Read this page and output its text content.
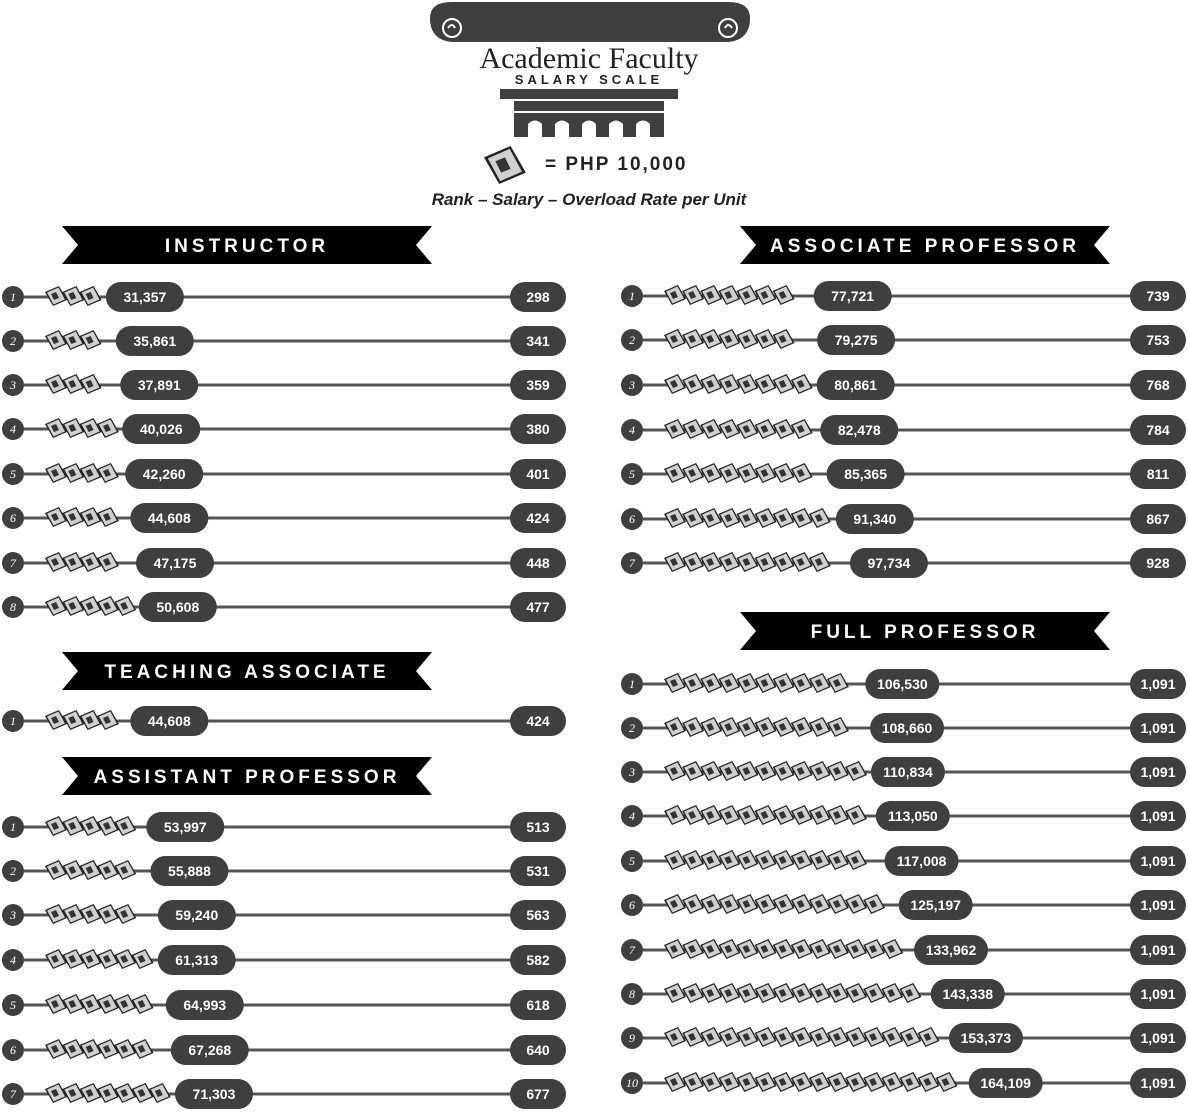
Academic Faculty
SALARY SCALE
= PHP 10,000
Rank – Salary – Overload Rate per Unit
INSTRUCTOR
1	31,357	298
2	35,861	341
3	37,891	359
4	40,026	380
5	42,260	401
6	44,608	424
7	47,175	448
8	50,608	477
TEACHING ASSOCIATE
1	44,608	424
ASSISTANT PROFESSOR
1	53,997	513
2	55,888	531
3	59,240	563
4	61,313	582
5	64,993	618
6	67,268	640
7	71,303	677
ASSOCIATE PROFESSOR
1	77,721	739
2	79,275	753
3	80,861	768
4	82,478	784
5	85,365	811
6	91,340	867
7	97,734	928
FULL PROFESSOR
1	106,530	1,091
2	108,660	1,091
3	110,834	1,091
4	113,050	1,091
5	117,008	1,091
6	125,197	1,091
7	133,962	1,091
8	143,338	1,091
9	153,373	1,091
10	164,109	1,091
